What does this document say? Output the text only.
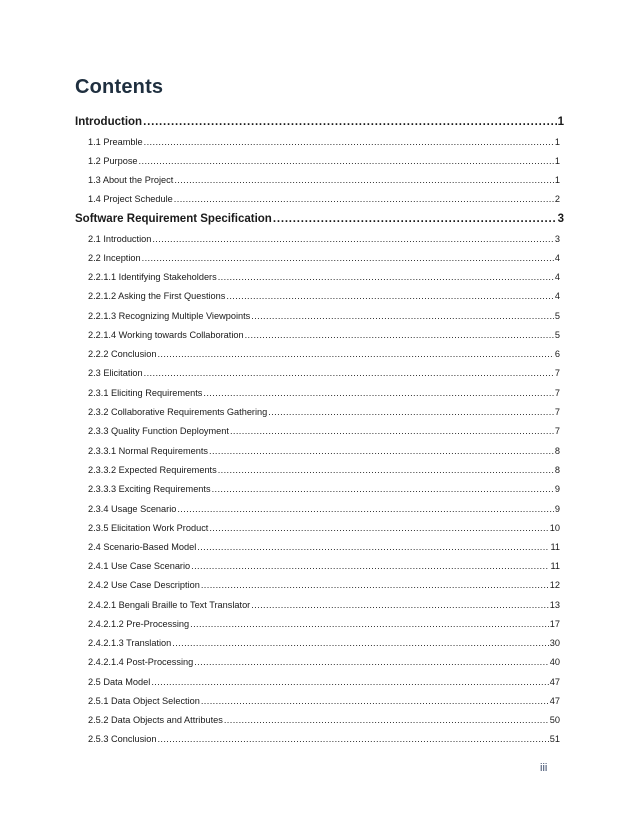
Contents
Introduction .....	1
1.1 Preamble .....	1
1.2 Purpose .....	1
1.3 About the Project .....	1
1.4 Project Schedule .....	2
Software Requirement Specification .....	3
2.1 Introduction .....	3
2.2 Inception .....	4
2.2.1.1 Identifying Stakeholders .....	4
2.2.1.2 Asking the First Questions .....	4
2.2.1.3 Recognizing Multiple Viewpoints .....	5
2.2.1.4 Working towards Collaboration .....	5
2.2.2 Conclusion .....	6
2.3 Elicitation .....	7
2.3.1 Eliciting Requirements .....	7
2.3.2 Collaborative Requirements Gathering .....	7
2.3.3 Quality Function Deployment .....	7
2.3.3.1 Normal Requirements .....	8
2.3.3.2 Expected Requirements .....	8
2.3.3.3 Exciting Requirements .....	9
2.3.4 Usage Scenario .....	9
2.3.5 Elicitation Work Product .....	10
2.4 Scenario-Based Model .....	11
2.4.1 Use Case Scenario .....	11
2.4.2 Use Case Description .....	12
2.4.2.1 Bengali Braille to Text Translator .....	13
2.4.2.1.2 Pre-Processing .....	17
2.4.2.1.3 Translation .....	30
2.4.2.1.4 Post-Processing .....	40
2.5 Data Model .....	47
2.5.1 Data Object Selection .....	47
2.5.2 Data Objects and Attributes .....	50
2.5.3 Conclusion .....	51
iii
